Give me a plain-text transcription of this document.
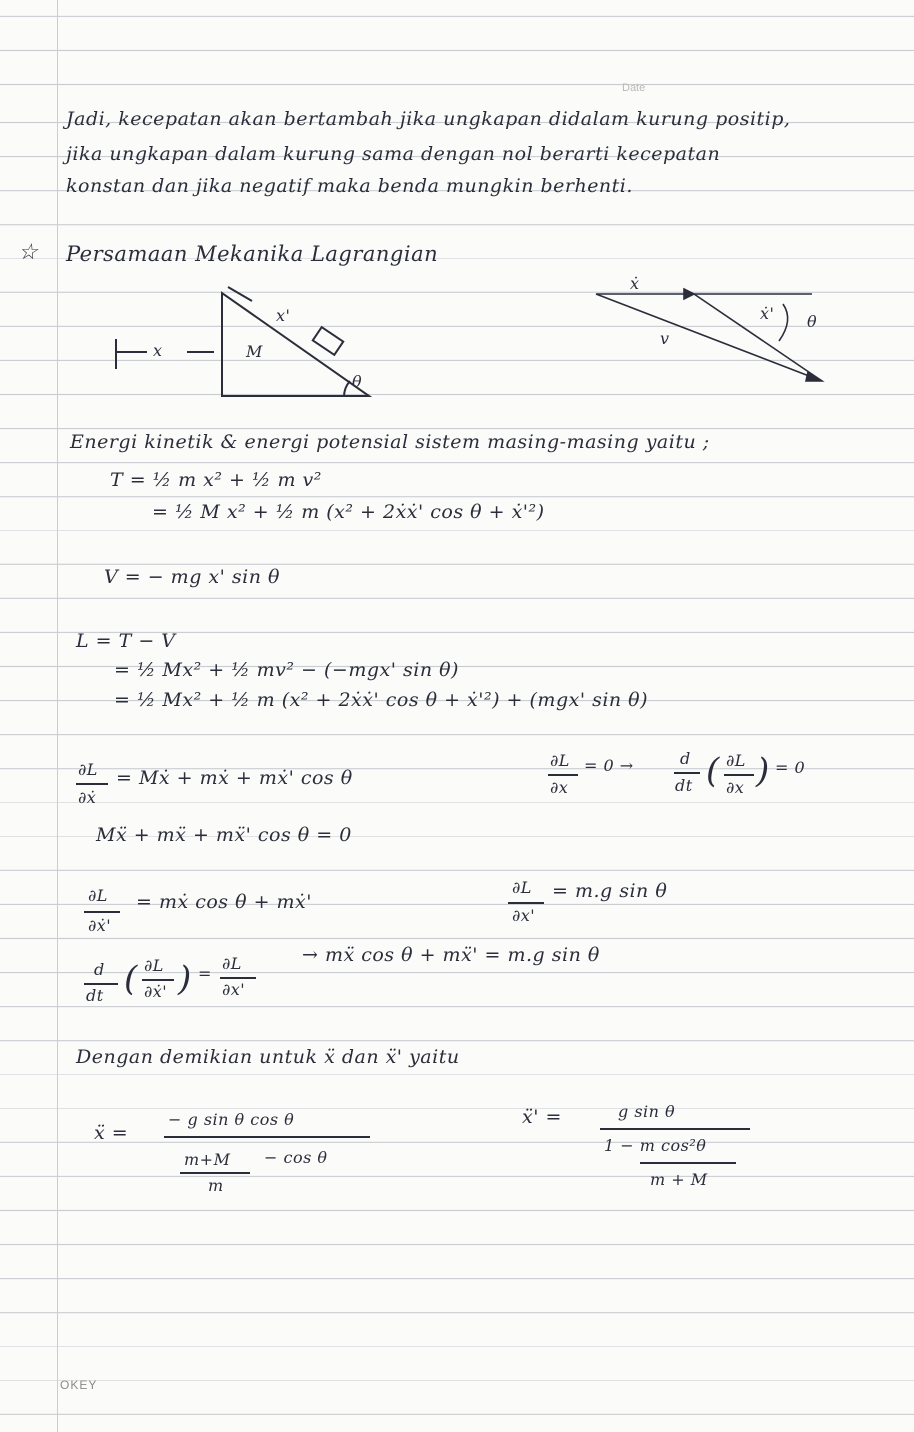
Date
Jadi, kecepatan akan bertambah jika ungkapan didalam kurung positip,
jika ungkapan dalam kurung sama dengan nol berarti kecepatan
konstan dan jika negatif maka benda mungkin berhenti.
☆ Persamaan Mekanika Lagrangian
x	M
x'
θ
ẋ
v
ẋ' θ
Energi kinetik & energi potensial sistem masing-masing yaitu ;
T = ½ m x² + ½ m v²
= ½ M x² + ½ m (x² + 2ẋẋ' cos θ + ẋ'²)
V = − mg x' sin θ
L = T − V
= ½ Mx² + ½ mv² − (−mgx' sin θ)
= ½ Mx² + ½ m (x² + 2ẋẋ' cos θ + ẋ'²) + (mgx' sin θ)
∂L
∂ẋ
= Mẋ + mẋ + mẋ' cos θ
Mẍ + mẍ + mẍ' cos θ = 0
∂L
∂x
= 0 →	d
dt ( ∂L
∂x ) = 0
∂L
∂ẋ'
= mẋ cos θ + mẋ'
∂L
∂x'
= m.g sin θ
d
dt ( ∂L
∂ẋ' ) =
∂L
∂x'
→ mẍ cos θ + mẍ' = m.g sin θ
Dengan demikian untuk ẍ dan ẍ' yaitu
ẍ =
− g sin θ cos θ
m+M − cos θ
m
ẍ' =	g sin θ
1 − m cos²θ
m + M
OKEY
